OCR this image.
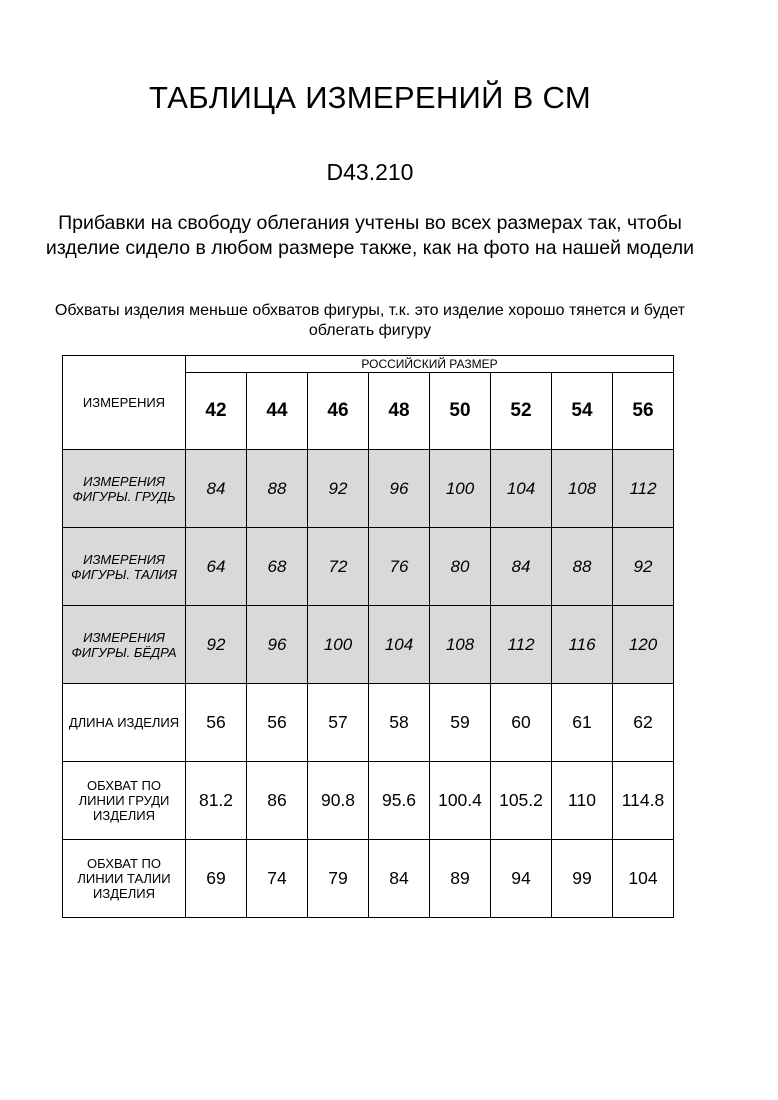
ТАБЛИЦА ИЗМЕРЕНИЙ В СМ
D43.210
Прибавки на свободу облегания учтены во всех размерах так, чтобы изделие сидело в любом размере также, как на фото на нашей модели
Обхваты изделия меньше обхватов фигуры, т.к. это изделие хорошо тянется и будет облегать фигуру
ИЗМЕРЕНИЯ	РОССИЙСКИЙ РАЗМЕР							
	42	44	46	48	50	52	54	56
ИЗМЕРЕНИЯ ФИГУРЫ. ГРУДЬ	84	88	92	96	100	104	108	112
ИЗМЕРЕНИЯ ФИГУРЫ. ТАЛИЯ	64	68	72	76	80	84	88	92
ИЗМЕРЕНИЯ ФИГУРЫ. БЁДРА	92	96	100	104	108	112	116	120
ДЛИНА ИЗДЕЛИЯ	56	56	57	58	59	60	61	62
ОБХВАТ ПО ЛИНИИ ГРУДИ ИЗДЕЛИЯ	81.2	86	90.8	95.6	100.4	105.2	110	114.8
ОБХВАТ ПО ЛИНИИ ТАЛИИ ИЗДЕЛИЯ	69	74	79	84	89	94	99	104
